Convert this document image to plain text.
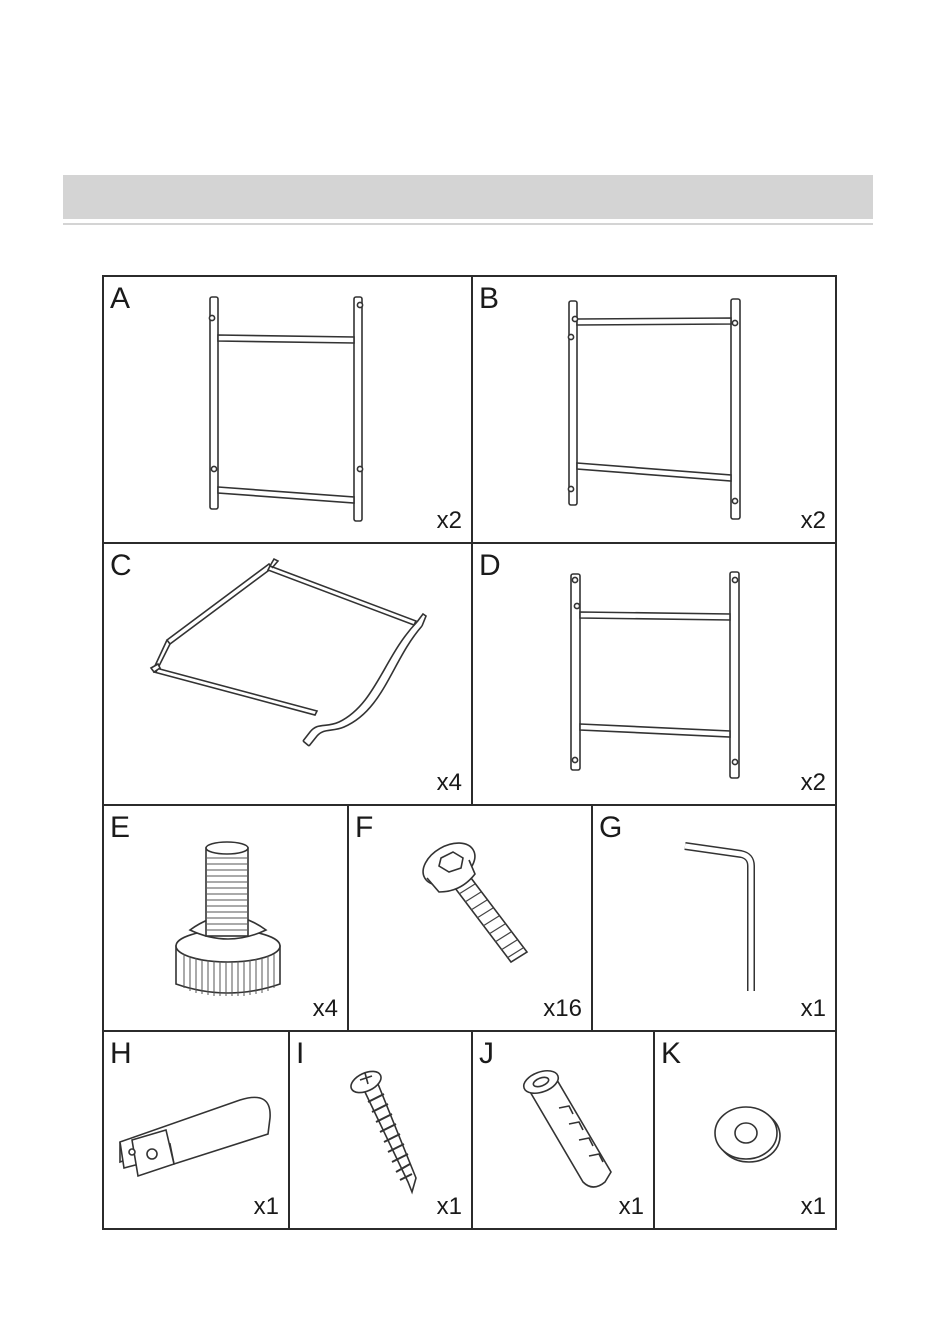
A
x2
B
x2
C
x4
D
x2
E
x4
F
x16
G
x1
H
x1
I
x1
J
x1
K
x1
